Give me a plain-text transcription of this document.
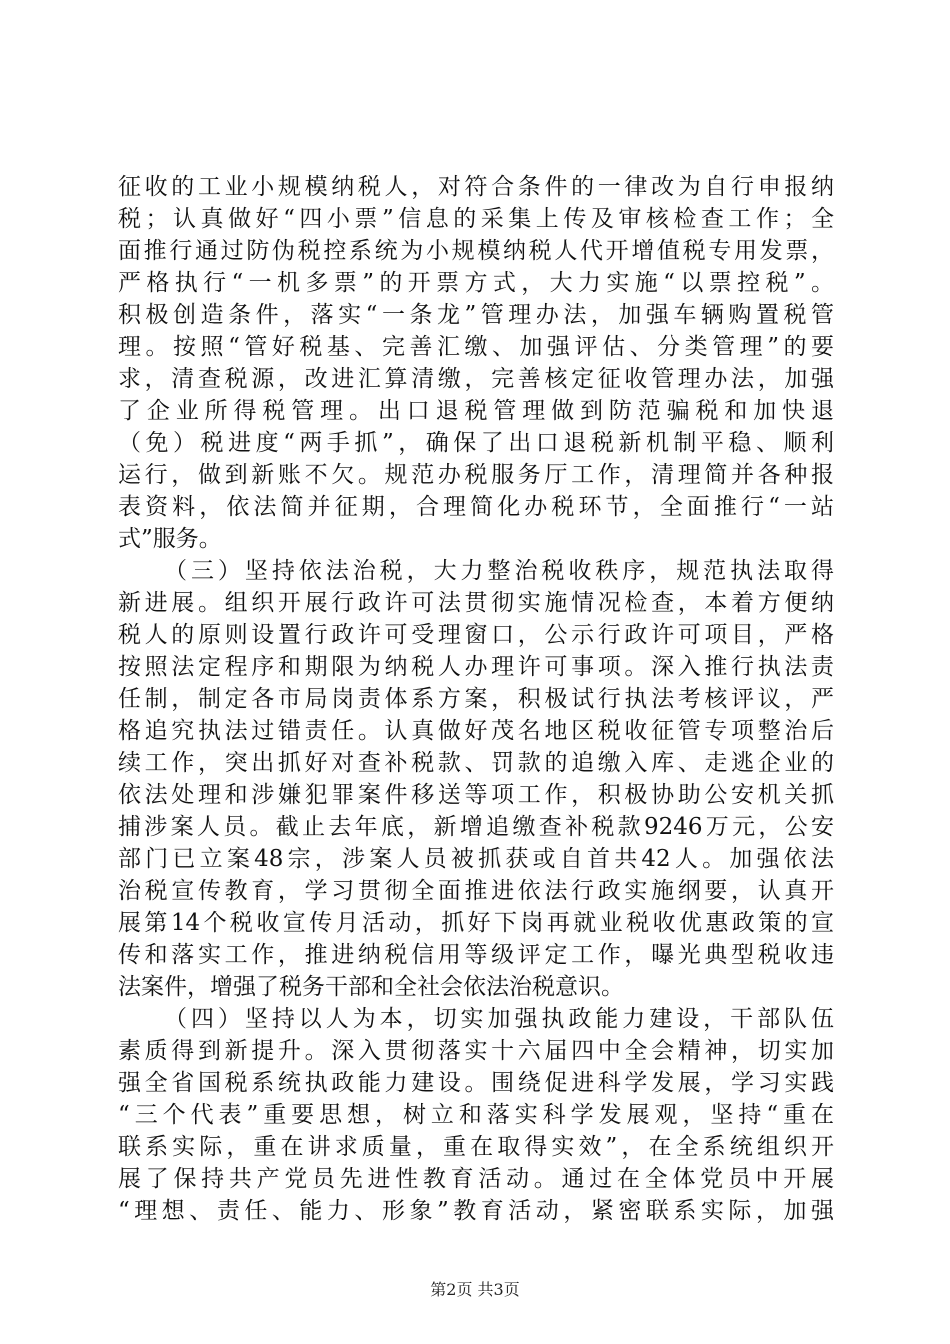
征收的工业小规模纳税人，对符合条件的一律改为自行申报纳
税；认真做好“四小票”信息的采集上传及审核检查工作；全
面推行通过防伪税控系统为小规模纳税人代开增值税专用发票，
严格执行“一机多票”的开票方式，大力实施“以票控税”。
积极创造条件，落实“一条龙”管理办法，加强车辆购置税管
理。按照“管好税基、完善汇缴、加强评估、分类管理”的要
求，清查税源，改进汇算清缴，完善核定征收管理办法，加强
了企业所得税管理。出口退税管理做到防范骗税和加快退
（免）税进度“两手抓”，确保了出口退税新机制平稳、顺利
运行，做到新账不欠。规范办税服务厅工作，清理简并各种报
表资料，依法简并征期，合理简化办税环节，全面推行“一站
式”服务。
（三）坚持依法治税，大力整治税收秩序，规范执法取得
新进展。组织开展行政许可法贯彻实施情况检查，本着方便纳
税人的原则设置行政许可受理窗口，公示行政许可项目，严格
按照法定程序和期限为纳税人办理许可事项。深入推行执法责
任制，制定各市局岗责体系方案，积极试行执法考核评议，严
格追究执法过错责任。认真做好茂名地区税收征管专项整治后
续工作，突出抓好对查补税款、罚款的追缴入库、走逃企业的
依法处理和涉嫌犯罪案件移送等项工作，积极协助公安机关抓
捕涉案人员。截止去年底，新增追缴查补税款9246万元，公安
部门已立案48宗，涉案人员被抓获或自首共42人。加强依法
治税宣传教育，学习贯彻全面推进依法行政实施纲要，认真开
展第14个税收宣传月活动，抓好下岗再就业税收优惠政策的宣
传和落实工作，推进纳税信用等级评定工作，曝光典型税收违
法案件，增强了税务干部和全社会依法治税意识。
（四）坚持以人为本，切实加强执政能力建设，干部队伍
素质得到新提升。深入贯彻落实十六届四中全会精神，切实加
强全省国税系统执政能力建设。围绕促进科学发展，学习实践
“三个代表”重要思想，树立和落实科学发展观，坚持“重在
联系实际，重在讲求质量，重在取得实效”，在全系统组织开
展了保持共产党员先进性教育活动。通过在全体党员中开展
“理想、责任、能力、形象”教育活动，紧密联系实际，加强
第2页 共3页
